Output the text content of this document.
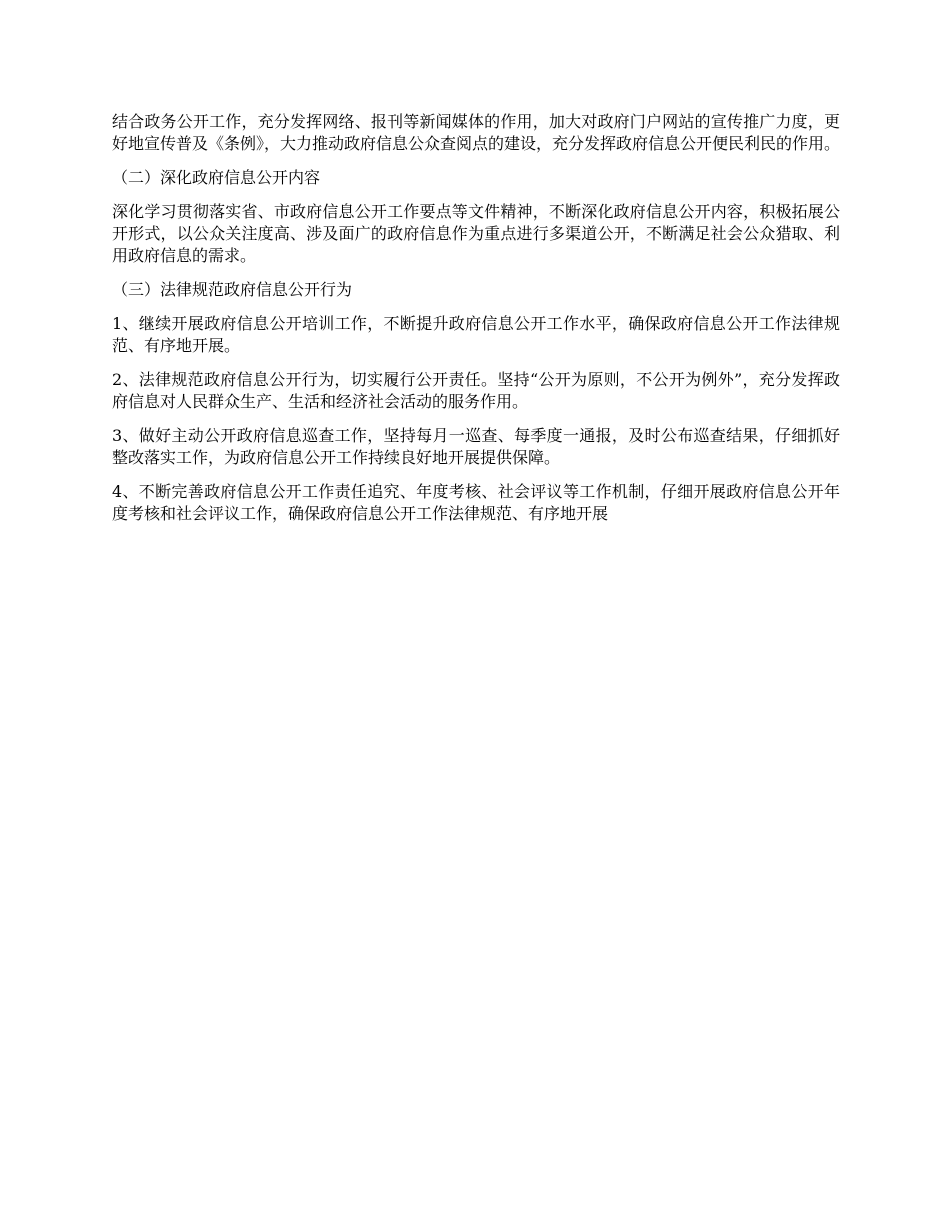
结合政务公开工作，充分发挥网络、报刊等新闻媒体的作用，加大对政府门户网站的宣传推广力度，更好地宣传普及《条例》，大力推动政府信息公众查阅点的建设，充分发挥政府信息公开便民利民的作用。

（二）深化政府信息公开内容

深化学习贯彻落实省、市政府信息公开工作要点等文件精神，不断深化政府信息公开内容，积极拓展公开形式，以公众关注度高、涉及面广的政府信息作为重点进行多渠道公开，不断满足社会公众猎取、利用政府信息的需求。

（三）法律规范政府信息公开行为

1、继续开展政府信息公开培训工作，不断提升政府信息公开工作水平，确保政府信息公开工作法律规范、有序地开展。

2、法律规范政府信息公开行为，切实履行公开责任。坚持“公开为原则，不公开为例外”，充分发挥政府信息对人民群众生产、生活和经济社会活动的服务作用。

3、做好主动公开政府信息巡查工作，坚持每月一巡查、每季度一通报，及时公布巡查结果，仔细抓好整改落实工作，为政府信息公开工作持续良好地开展提供保障。

4、不断完善政府信息公开工作责任追究、年度考核、社会评议等工作机制，仔细开展政府信息公开年度考核和社会评议工作，确保政府信息公开工作法律规范、有序地开展
